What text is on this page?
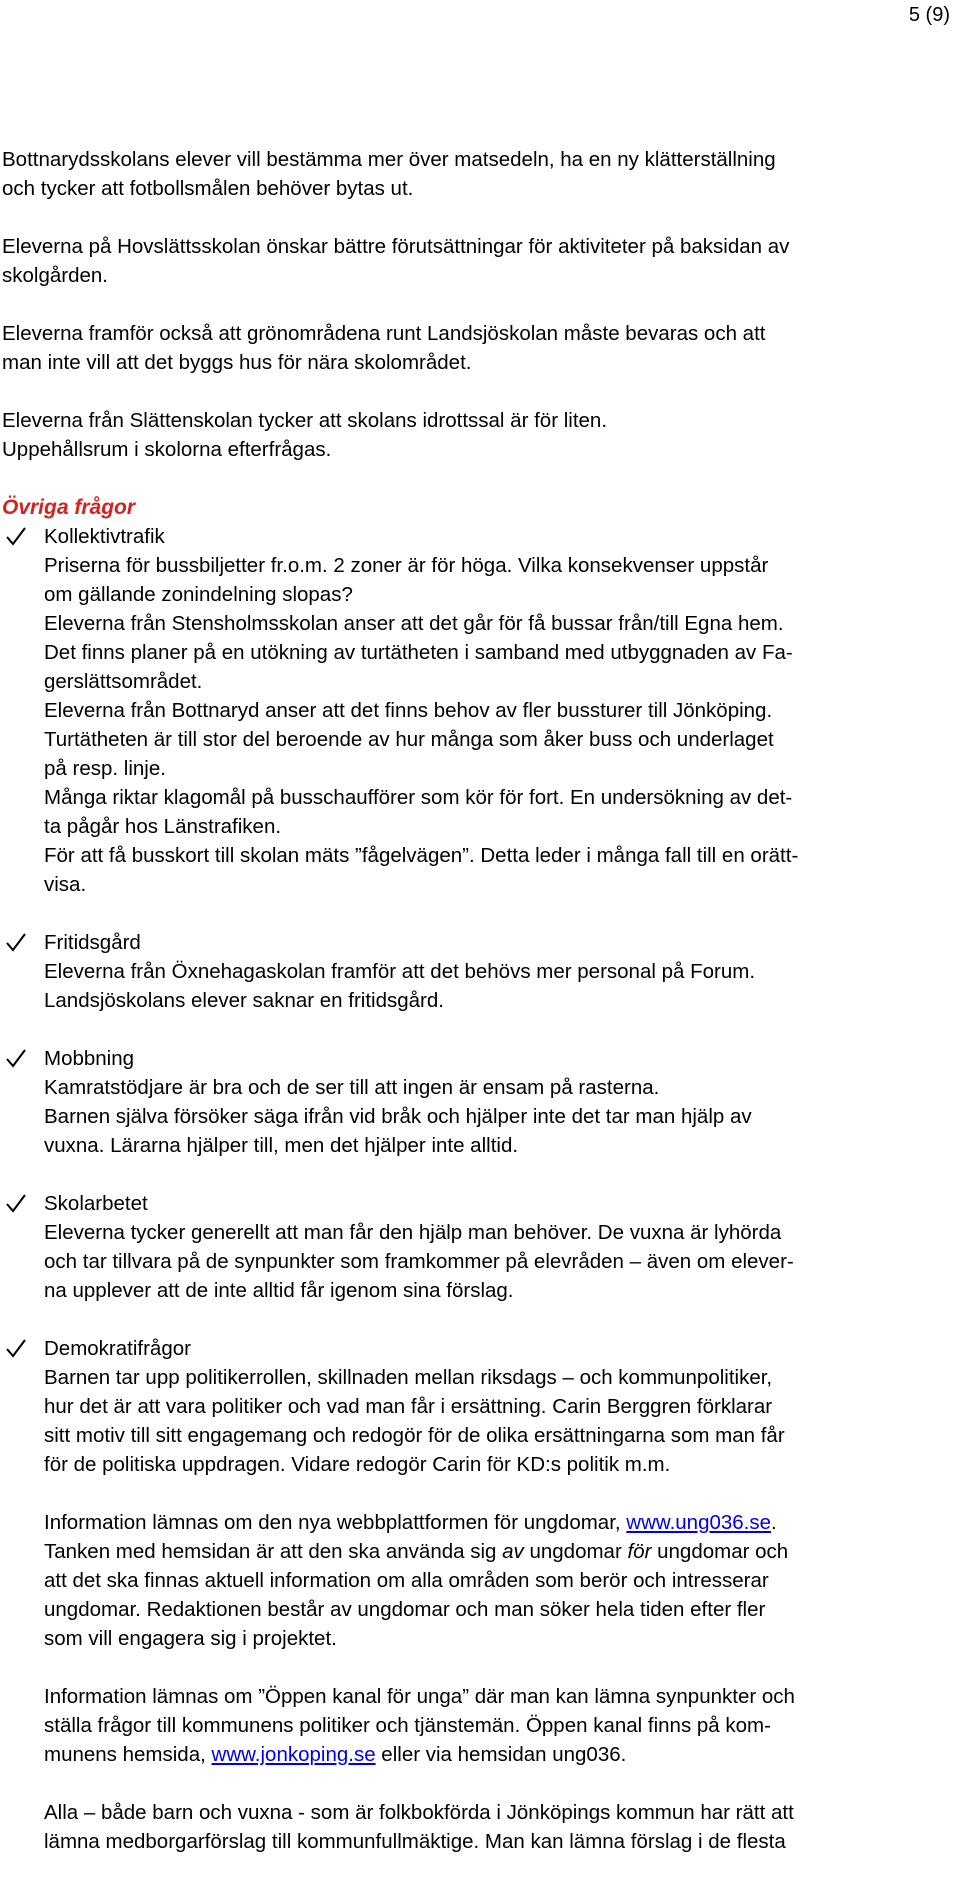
5 (9)

Bottnarydsskolans elever vill bestämma mer över matsedeln, ha en ny klätterställning
och tycker att fotbollsmålen behöver bytas ut.

Eleverna på Hovslättsskolan önskar bättre förutsättningar för aktiviteter på baksidan av
skolgården.

Eleverna framför också att grönområdena runt Landsjöskolan måste bevaras och att
man inte vill att det byggs hus för nära skolområdet.

Eleverna från Slättenskolan tycker att skolans idrottssal är för liten.
Uppehållsrum i skolorna efterfrågas.

Övriga frågor
Kollektivtrafik
Priserna för bussbiljetter fr.o.m. 2 zoner är för höga. Vilka konsekvenser uppstår
om gällande zonindelning slopas?
Eleverna från Stensholmsskolan anser att det går för få bussar från/till Egna hem.
Det finns planer på en utökning av turtätheten i samband med utbyggnaden av Fa-
gerslättsområdet.
Eleverna från Bottnaryd anser att det finns behov av fler bussturer till Jönköping.
Turtätheten är till stor del beroende av hur många som åker buss och underlaget
på resp. linje.
Många riktar klagomål på busschaufförer som kör för fort. En undersökning av det-
ta pågår hos Länstrafiken.
För att få busskort till skolan mäts ”fågelvägen”. Detta leder i många fall till en orätt-
visa.
Fritidsgård
Eleverna från Öxnehagaskolan framför att det behövs mer personal på Forum.
Landsjöskolans elever saknar en fritidsgård.
Mobbning
Kamratstödjare är bra och de ser till att ingen är ensam på rasterna.
Barnen själva försöker säga ifrån vid bråk och hjälper inte det tar man hjälp av
vuxna. Lärarna hjälper till, men det hjälper inte alltid.
Skolarbetet
Eleverna tycker generellt att man får den hjälp man behöver. De vuxna är lyhörda
och tar tillvara på de synpunkter som framkommer på elevråden – även om elever-
na upplever att de inte alltid får igenom sina förslag.
Demokratifrågor
Barnen tar upp politikerrollen, skillnaden mellan riksdags – och kommunpolitiker,
hur det är att vara politiker och vad man får i ersättning. Carin Berggren förklarar
sitt motiv till sitt engagemang och redogör för de olika ersättningarna som man får
för de politiska uppdragen. Vidare redogör Carin för KD:s politik m.m.
Information lämnas om den nya webbplattformen för ungdomar, www.ung036.se.
Tanken med hemsidan är att den ska använda sig av ungdomar för ungdomar och
att det ska finnas aktuell information om alla områden som berör och intresserar
ungdomar. Redaktionen består av ungdomar och man söker hela tiden efter fler
som vill engagera sig i projektet.
Information lämnas om ”Öppen kanal för unga” där man kan lämna synpunkter och
ställa frågor till kommunens politiker och tjänstemän. Öppen kanal finns på kom-
munens hemsida, www.jonkoping.se eller via hemsidan ung036.
Alla – både barn och vuxna - som är folkbokförda i Jönköpings kommun har rätt att
lämna medborgarförslag till kommunfullmäktige. Man kan lämna förslag i de flesta
